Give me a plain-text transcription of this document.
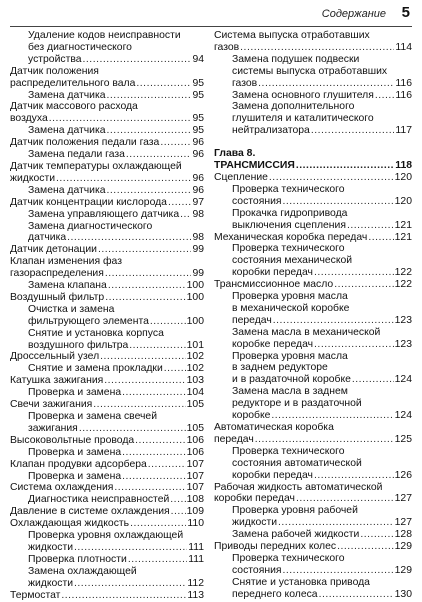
Содержание 5
Удаление кодов неисправности
без диагностического
устройства .....	94
Датчик положения
распределительного вала .....	95
Замена датчика .....	95
Датчик массового расхода
воздуха .....	95
Замена датчика .....	95
Датчик положения педали газа .....	96
Замена педали газа .....	96
Датчик температуры охлаждающей
жидкости .....	96
Замена датчика .....	96
Датчик концентрации кислорода ..... 97
Замена управляющего датчика ..... 98
Замена диагностического
датчика .....	98
Датчик детонации .....	99
Клапан изменения фаз
газораспределения .....	99
Замена клапана .....	100
Воздушный фильтр .....	100
Очистка и замена
фильтрующего элемента .....	100
Снятие и установка корпуса
воздушного фильтра .....	101
Дроссельный узел .....	102
Снятие и замена прокладки ..... 102
Катушка зажигания .....	103
Проверка и замена .....	104
Свечи зажигания .....	105
Проверка и замена свечей
зажигания .....	105
Высоковольтные провода .....	106
Проверка и замена .....	106
Клапан продувки адсорбера .....	107
Проверка и замена .....	107
Система охлаждения .....	107
Диагностика неисправностей ..... 108
Давление в системе охлаждения ..... 109
Охлаждающая жидкость .....	110
Проверка уровня охлаждающей
жидкости .....	111
Проверка плотности .....	111
Замена охлаждающей
жидкости .....	112
Термостат .....	113
Система выпуска отработавших
газов .....	114
Замена подушек подвески
системы выпуска отработавших
газов .....	116
Замена основного глушителя ..... 116
Замена дополнительного
глушителя и каталитического
нейтрализатора .....	117
Глава 8.
ТРАНСМИССИЯ .....	118
Сцепление .....	120
Проверка технического
состояния .....	120
Прокачка гидропривода
выключения сцепления .....	121
Механическая коробка передач .....	121
Проверка технического
состояния механической
коробки передач .....	122
Трансмиссионное масло .....	122
Проверка уровня масла
в механической коробке
передач .....	123
Замена масла в механической
коробке передач .....	123
Проверка уровня масла
в заднем редукторе
и в раздаточной коробке .....	124
Замена масла в заднем
редукторе и в раздаточной
коробке .....	124
Автоматическая коробка
передач .....	125
Проверка технического
состояния автоматической
коробки передач .....	126
Рабочая жидкость автоматической
коробки передач .....	127
Проверка уровня рабочей
жидкости .....	127
Замена рабочей жидкости .....	128
Приводы передних колес .....	129
Проверка технического
состояния .....	129
Снятие и установка привода
переднего колеса .....	130
